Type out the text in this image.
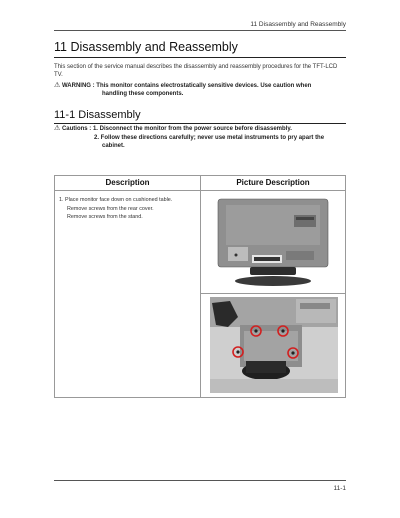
11 Disassembly and Reassembly
11 Disassembly and Reassembly
This section of the service manual describes the disassembly and reassembly procedures for the TFT-LCD TV.
⚠ WARNING : This monitor contains electrostatically sensitive devices. Use caution when
handling these components.
11-1 Disassembly
⚠ Cautions : 1. Disconnect the monitor from the power source before disassembly.
2. Follow these directions carefully; never use metal instruments to pry apart the
cabinet.
Description	Picture Description
1. Place monitor face down on cushioned table.
Remove screws from the rear cover.
Remove screws from the stand.
11-1
